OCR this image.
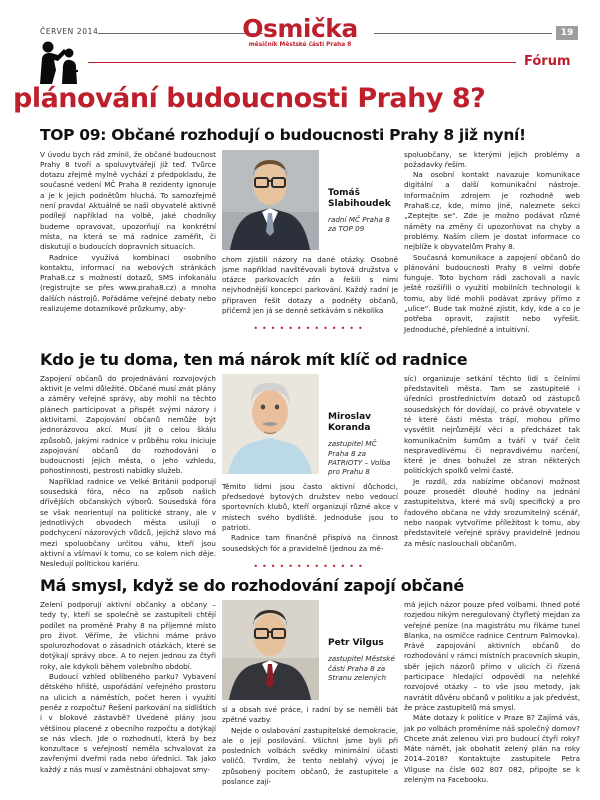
ČERVEN 2014	Osmička
měsíčník Městské části Praha 8
19
Fórum
plánování budoucnosti Prahy 8?
TOP 09: Občané rozhodují o budoucnosti Prahy 8 již nyní!

V úvodu bych rád zmínil, že občané budoucnost Prahy 8 tvoří a spoluvytvářejí již teď. Tvůrce dotazu zřejmě mylně vychází z předpokladu, že současné vedení MČ Praha 8 rezidenty ignoruje a je k jejich podnětům hluchá. To samozřejmě není pravda! Aktuálně se naši obyvatelé aktivně podílejí například na volbě, jaké chodníky budeme opravovat, upozorňují na konkrétní místa, na která se má radnice zaměřit, či diskutují o budoucích dopravních situacích.

Radnice využívá kombinaci osobního kontaktu, informací na webových stránkách Praha8.cz s možností dotazů, SMS infokanálu (registrujte se přes www.praha8.cz) a mnoha dalších nástrojů. Pořádáme veřejné debaty nebo realizujeme dotazníkové průzkumy, aby-

Tomáš Slabihoudek
radní MČ Praha 8 za TOP 09

chom zjistili názory na dané otázky. Osobně jsme například navštěvovali bytová družstva v otázce parkovacích zón a řešili s nimi nejvhodnější koncepci parkování. Každý radní je připraven řešit dotazy a podněty občanů, přičemž jen já se denně setkávám s několika

•••••••••••••

spoluobčany, se kterými jejich problémy a požadavky řeším.

Na osobní kontakt navazuje komunikace digitální a další komunikační nástroje. Informačním zdrojem je rozhodně web Praha8.cz, kde, mimo jiné, naleznete sekci „Zeptejte se“. Zde je možno podávat různé náměty na změny či upozorňovat na chyby a problémy. Naším cílem je dostat informace co nejblíže k obyvatelům Prahy 8.

Současná komunikace a zapojení občanů do plánování budoucnosti Prahy 8 velmi dobře funguje. Toto bychom rádi zachovali a navíc ještě rozšířili o využití mobilních technologií k tomu, aby lidé mohli podávat zprávy přímo z „ulice“. Bude tak možné zjistit, kdy, kde a co je potřeba opravit, zajistit nebo vyřešit. Jednoduché, přehledné a intuitivní.

Kdo je tu doma, ten má nárok mít klíč od radnice

Zapojení občanů do projednávání rozvojových aktivit je velmi důležité. Občané musí znát plány a záměry veřejné správy, aby mohli na těchto plánech participovat a přispět svými názory i aktivitami. Zapojování občanů nemůže být jednorázovou akcí. Musí jít o celou škálu způsobů, jakými radnice v průběhu roku iniciuje zapojování občanů do rozhodování o budoucnosti jejich města, o jeho vzhledu, pohostinnosti, pestrosti nabídky služeb.

Například radnice ve Velké Británii podporují sousedská fóra, něco na způsob našich dřívějších občanských výborů. Sousedská fóra se však neorientují na politické strany, ale v jednotlivých obvodech města usilují o podchycení názorových vůdců, jejichž slovo má mezi spoluobčany určitou váhu, kteří jsou aktivní a všímaví k tomu, co se kolem nich děje. Nesledují politickou kariéru.

Miroslav Koranda
zastupitel MČ Praha 8 za PATRIOTY – Volba pro Prahu 8

Těmito lidmi jsou často aktivní důchodci, předsedové bytových družstev nebo vedoucí sportovních klubů, kteří organizují různé akce v místech svého bydliště. Jednoduše jsou to patrioti.

Radnice tam finančně přispívá na činnost sousedských fór a pravidelně (jednou za mě-

•••••••••••••

síc) organizuje setkání těchto lidí s čelními představiteli města. Tam se zastupitelé i úředníci prostřednictvím dotazů od zástupců sousedských fór dovídají, co právě obyvatele v té které části města trápí, mohou přímo vysvětlit nejrůznější věci a předcházet tak komunikačním šumům a tváří v tvář čelit nespravedlivému či nepravdivému narčení, které je dnes bohužel ze stran některých politických spolků velmi časté.

Je rozdíl, zda nabízíme občanovi možnost pouze prosedět dlouhé hodiny na jednání zastupitelstva, které má svůj specifický a pro řadového občana ne vždy srozumitelný scénář, nebo naopak vytvoříme příležitost k tomu, aby představitelé veřejné správy pravidelně jednou za měsíc naslouchali občanům.

Má smysl, když se do rozhodování zapojí občané

Zelení podporují aktivní občanky a občany – tedy ty, kteří se společně se zastupiteli chtějí podílet na proměně Prahy 8 na příjemné místo pro život. Věříme, že všichni máme právo spolurozhodovat o zásadních otázkách, které se dotýkají správy obce. A to nejen jednou za čtyři roky, ale kdykoli během volebního období.

Budoucí vzhled oblíbeného parku? Vybavení dětského hřiště, uspořádání veřejného prostoru na ulicích a náměstích, počet heren i využití peněz z rozpočtu? Řešení parkování na sídlištích i v blokové zástavbě? Uvedené plány jsou většinou placené z obecního rozpočtu a dotýkají se nás všech. Jde o rozhodnutí, která by bez konzultace s veřejností neměla schvalovat za zavřenými dveřmi rada nebo úředníci. Tak jako každý z nás musí v zaměstnání obhajovat smy-

Petr Vilgus
zastupitel Městské části Praha 8 za Stranu zelených

sl a obsah své práce, i radní by se neměli bát zpětné vazby.

Nejde o oslabování zastupitelské demokracie, ale o její posilování. Všichni jsme byli při posledních volbách svědky minimální účasti voličů. Tvrdím, že tento neblahý vývoj je způsobený pocitem občanů, že zastupitele a poslance zají-

má jejich názor pouze před volbami. Ihned poté rozjedou nikým neregulovaný čtyřletý mejdan za veřejné peníze (na magistrátu mu říkáme tunel Blanka, na osmičce radnice Centrum Palmovka). Právě zapojování aktivních občanů do rozhodování v rámci místních pracovních skupin, sběr jejich názorů přímo v ulicích či řízená participace hledající odpovědi na nelehké rozvojové otázky – to vše jsou metody, jak navrátit důvěru občanů v politiku a jak předvést, že práce zastupitelů má smysl.

Máte dotazy k politice v Praze 8? Zajímá vás, jak po volbách proměníme náš společný domov? Chcete znát zelenou vizi pro budoucí čtyři roky? Máte námět, jak obohatit zelený plán na roky 2014–2018? Kontaktujte zastupitele Petra Vilguse na čísle 602 807 082, připojte se k zeleným na Facebooku.
